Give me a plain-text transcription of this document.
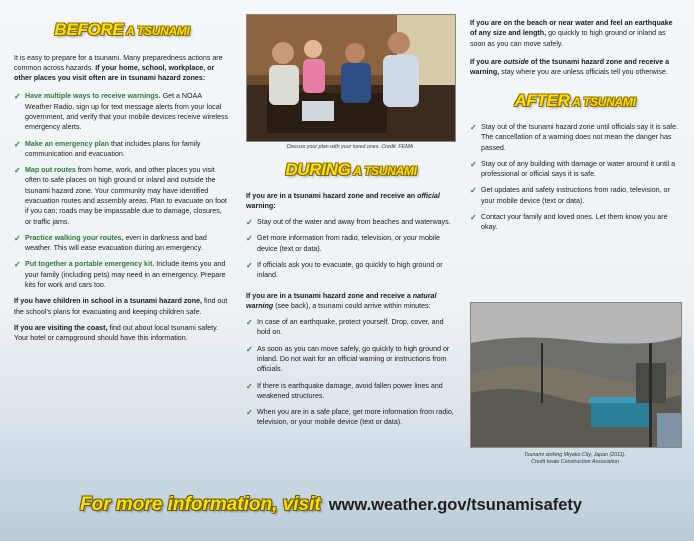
BEFORE A TSUNAMI

It is easy to prepare for a tsunami. Many preparedness actions are common across hazards. If your home, school, workplace, or other places you visit often are in tsunami hazard zones:

✓ Have multiple ways to receive warnings. Get a NOAA Weather Radio, sign up for text message alerts from your local government, and verify that your mobile devices receive wireless emergency alerts.
✓ Make an emergency plan that includes plans for family communication and evacuation.
✓ Map out routes from home, work, and other places you visit often to safe places on high ground or inland and outside the tsunami hazard zone. Your community may have identified evacuation routes and assembly areas. Plan to evacuate on foot if you can; roads may be impassable due to damage, closures, or traffic jams.
✓ Practice walking your routes, even in darkness and bad weather. This will ease evacuation during an emergency.
✓ Put together a portable emergency kit. Include items you and your family (including pets) may need in an emergency. Prepare kits for work and cars too.

If you have children in school in a tsunami hazard zone, find out the school's plans for evacuating and keeping children safe.

If you are visiting the coast, find out about local tsunami safety. Your hotel or campground should have this information.

Discuss your plan with your loved ones. Credit: FEMA
DURING A TSUNAMI

If you are in a tsunami hazard zone and receive an official warning:

✓ Stay out of the water and away from beaches and waterways.
✓ Get more information from radio, television, or your mobile device (text or data).
✓ If officials ask you to evacuate, go quickly to high ground or inland.

If you are in a tsunami hazard zone and receive a natural warning (see back), a tsunami could arrive within minutes:

✓ In case of an earthquake, protect yourself. Drop, cover, and hold on.
✓ As soon as you can move safely, go quickly to high ground or inland. Do not wait for an official warning or instructions from officials.
✓ If there is earthquake damage, avoid fallen power lines and weakened structures.
✓ When you are in a safe place, get more information from radio, television, or your mobile device (text or data).

If you are on the beach or near water and feel an earthquake of any size and length, go quickly to high ground or inland as soon as you can move safely.

If you are outside of the tsunami hazard zone and receive a warning, stay where you are unless officials tell you otherwise.

AFTER A TSUNAMI
✓ Stay out of the tsunami hazard zone until officials say it is safe. The cancellation of a warning does not mean the danger has passed.
✓ Stay out of any building with damage or water around it until a professional or official says it is safe.
✓ Get updates and safety instructions from radio, television, or your mobile device (text or data).
✓ Contact your family and loved ones. Let them know you are okay.
Tsunami striking Miyako City, Japan (2011).
Credit Iwate Construction Association
For more information, visit www.weather.gov/tsunamisafety
